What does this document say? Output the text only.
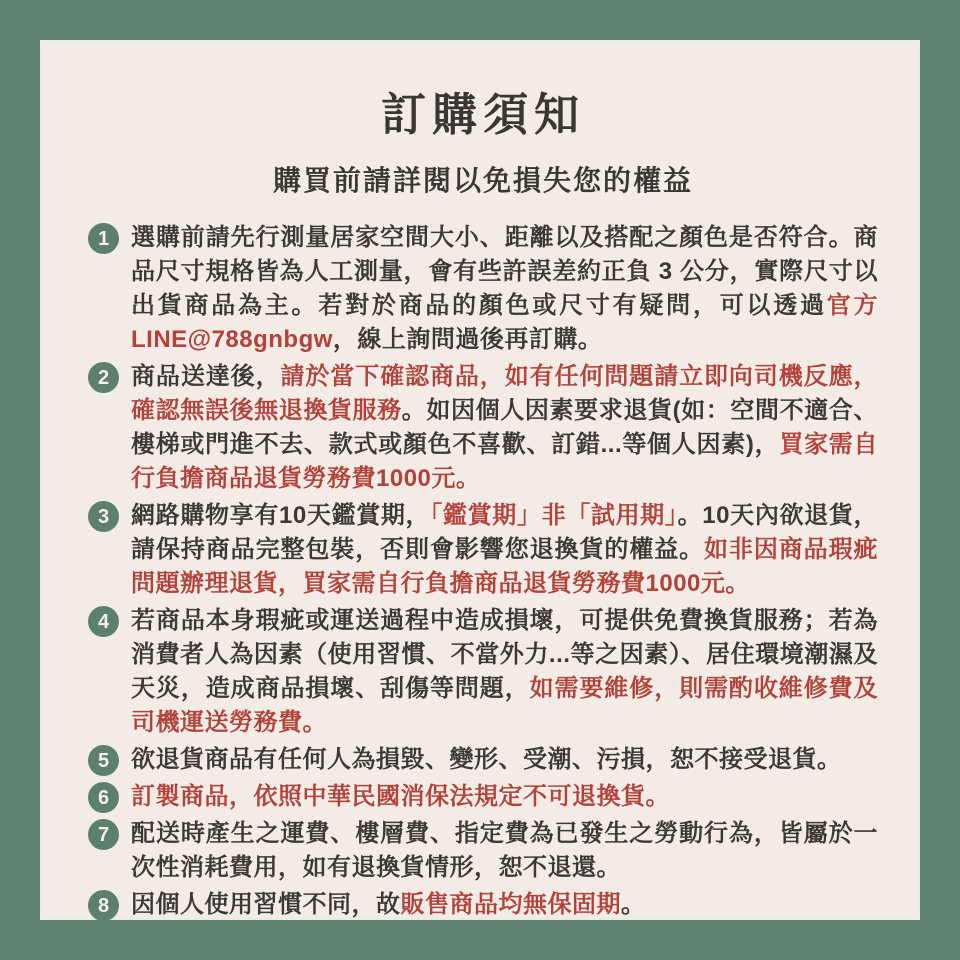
訂購須知
購買前請詳閱以免損失您的權益
1 選購前請先行測量居家空間大小、距離以及搭配之顏色是否符合。商品尺寸規格皆為人工測量，會有些許誤差約正負 3 公分，實際尺寸以出貨商品為主。若對於商品的顏色或尺寸有疑問，可以透過官方LINE@788gnbgw，線上詢問過後再訂購。

2 商品送達後，請於當下確認商品，如有任何問題請立即向司機反應，確認無誤後無退換貨服務。如因個人因素要求退貨(如：空間不適合、樓梯或門進不去、款式或顏色不喜歡、訂錯...等個人因素)，買家需自行負擔商品退貨勞務費1000元。

3 網路購物享有10天鑑賞期，「鑑賞期」非「試用期」。10天內欲退貨，請保持商品完整包裝，否則會影響您退換貨的權益。如非因商品瑕疵問題辦理退貨，買家需自行負擔商品退貨勞務費1000元。

4 若商品本身瑕疵或運送過程中造成損壞，可提供免費換貨服務；若為消費者人為因素（使用習慣、不當外力...等之因素）、居住環境潮濕及天災，造成商品損壞、刮傷等問題，如需要維修，則需酌收維修費及司機運送勞務費。

5 欲退貨商品有任何人為損毀、變形、受潮、污損，恕不接受退貨。

6 訂製商品，依照中華民國消保法規定不可退換貨。

7 配送時產生之運費、樓層費、指定費為已發生之勞動行為，皆屬於一次性消耗費用，如有退換貨情形，恕不退還。

8 因個人使用習慣不同，故販售商品均無保固期。
